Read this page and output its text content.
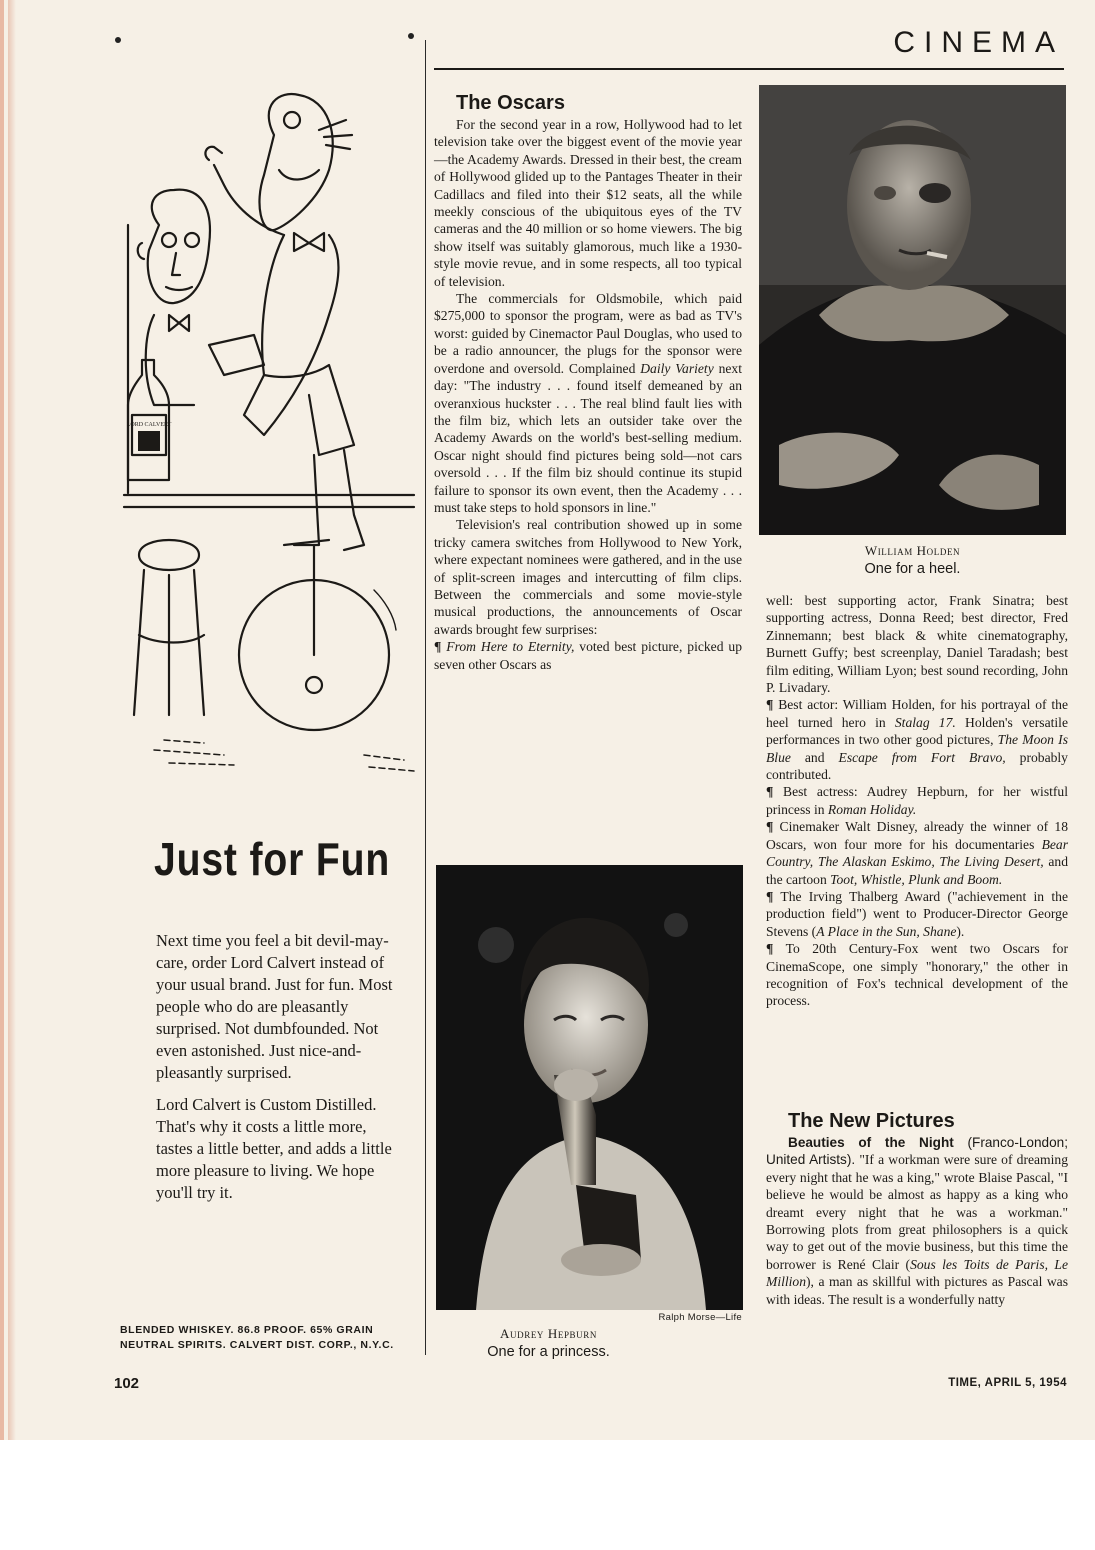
CINEMA
LORD CALVERT
Just for Fun

Next time you feel a bit devil-may-care, order Lord Calvert instead of your usual brand. Just for fun. Most people who do are pleasantly surprised. Not dumbfounded. Not even astonished. Just nice-and-pleasantly surprised.

Lord Calvert is Custom Distilled. That's why it costs a little more, tastes a little better, and adds a little more pleasure to living. We hope you'll try it.

BLENDED WHISKEY. 86.8 PROOF. 65% GRAIN
NEUTRAL SPIRITS. CALVERT DIST. CORP., N.Y.C.

The Oscars

For the second year in a row, Hollywood had to let television take over the biggest event of the movie year—the Academy Awards. Dressed in their best, the cream of Hollywood glided up to the Pantages Theater in their Cadillacs and filed into their $12 seats, all the while meekly conscious of the ubiquitous eyes of the TV cameras and the 40 million or so home viewers. The big show itself was suitably glamorous, much like a 1930-style movie revue, and in some respects, all too typical of television.

The commercials for Oldsmobile, which paid $275,000 to sponsor the program, were as bad as TV's worst: guided by Cinemactor Paul Douglas, who used to be a radio announcer, the plugs for the sponsor were overdone and oversold. Complained Daily Variety next day: "The industry . . . found itself demeaned by an overanxious huckster . . . The real blind fault lies with the film biz, which lets an outsider take over the Academy Awards on the world's best-selling medium. Oscar night should find pictures being sold—not cars oversold . . . If the film biz should continue its stupid failure to sponsor its own event, then the Academy . . . must take steps to hold sponsors in line."

Television's real contribution showed up in some tricky camera switches from Hollywood to New York, where expectant nominees were gathered, and in the use of split-screen images and intercutting of film clips. Between the commercials and some movie-style musical productions, the announcements of Oscar awards brought few surprises:

¶ From Here to Eternity, voted best picture, picked up seven other Oscars as

William Holden
One for a heel.

well: best supporting actor, Frank Sinatra; best supporting actress, Donna Reed; best director, Fred Zinnemann; best black & white cinematography, Burnett Guffy; best screenplay, Daniel Taradash; best film editing, William Lyon; best sound recording, John P. Livadary.

¶ Best actor: William Holden, for his portrayal of the heel turned hero in Stalag 17. Holden's versatile performances in two other good pictures, The Moon Is Blue and Escape from Fort Bravo, probably contributed.

¶ Best actress: Audrey Hepburn, for her wistful princess in Roman Holiday.

¶ Cinemaker Walt Disney, already the winner of 18 Oscars, won four more for his documentaries Bear Country, The Alaskan Eskimo, The Living Desert, and the cartoon Toot, Whistle, Plunk and Boom.

¶ The Irving Thalberg Award ("achievement in the production field") went to Producer-Director George Stevens (A Place in the Sun, Shane).

¶ To 20th Century-Fox went two Oscars for CinemaScope, one simply "honorary," the other in recognition of Fox's technical development of the process.

The New Pictures

Beauties of the Night (Franco-London; United Artists). "If a workman were sure of dreaming every night that he was a king," wrote Blaise Pascal, "I believe he would be almost as happy as a king who dreamt every night that he was a workman." Borrowing plots from great philosophers is a quick way to get out of the movie business, but this time the borrower is René Clair (Sous les Toits de Paris, Le Million), a man as skillful with pictures as Pascal was with ideas. The result is a wonderfully natty

Ralph Morse—Life
Audrey Hepburn
One for a princess.
102	TIME, APRIL 5, 1954
